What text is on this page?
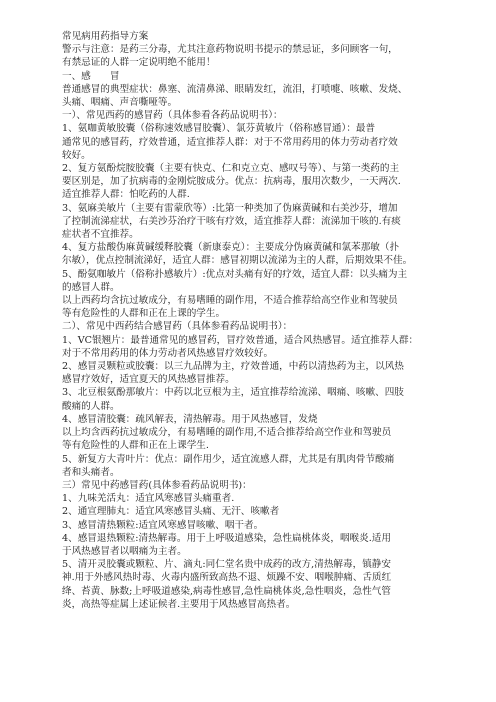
常见病用药指导方案
警示与注意：是药三分毒，尤其注意药物说明书提示的禁忌证，多问顾客一句，
有禁忌证的人群一定说明绝不能用！
一、感　　冒
普通感冒的典型症状：鼻塞、流清鼻涕、眼睛发红，流泪，打喷嚏、咳嗽、发烧、
头痛、咽痛、声音嘶哑等。
一）、常见西药的感冒药（具体参看各药品说明书）：
1、氨咖黄敏胶囊（俗称速效感冒胶囊）、氯芬黄敏片（俗称感冒通）：最普
通常见的感冒药，疗效普通，适宜推荐人群：对于不常用药用的体力劳动者疗效
较好。
2、复方氨酚烷胺胶囊（主要有快克、仁和克立克、感叹号等）、与第一类药的主
要区别是，加了抗病毒的金刚烷胺成分。优点：抗病毒，服用次数少，一天两次.
适宜推荐人群：怕吃药的人群.
3、氨麻美敏片（主要有雷蒙欣等）:比第一种类加了伪麻黄碱和右美沙芬，增加
了控制流涕症状，右美沙芬治疗干咳有疗效，适宜推荐人群：流涕加干咳的.有痰
症状者不宜推荐。
4、复方盐酸伪麻黄碱缓释胶囊（新康泰克）：主要成分伪麻黄碱和氯苯那敏（扑
尔敏），优点控制流涕好，适宜人群：感冒初期以流涕为主的人群，后期效果不佳。
5、酚氨咖敏片（俗称扑感敏片）:优点对头痛有好的疗效，适宜人群：以头痛为主
的感冒人群。
以上西药均含抗过敏成分，有易嗜睡的副作用，不适合推荐给高空作业和驾驶员
等有危险性的人群和正在上课的学生。
二）、常见中西药结合感冒药（具体参看药品说明书）：
1、VC银翘片：最普通常见的感冒药，冒疗效普通，适合风热感冒。适宜推荐人群：
对于不常用药用的体力劳动者风热感冒疗效较好。
2、感冒灵颗粒或胶囊：以三九品牌为主，疗效普通，中药以清热药为主，以风热
感冒疗效好，适宜夏天的风热感冒推荐。
3、北豆根氨酚那敏片：中药以北豆根为主，适宜推荐给流涕、咽痛、咳嗽、四肢
酸痛的人群。
4、感冒清胶囊：疏风解表，清热解毒。用于风热感冒，发烧
以上均含西药抗过敏成分，有易嗜睡的副作用,不适合推荐给高空作业和驾驶员
等有危险性的人群和正在上课学生.
5、新复方大青叶片：优点：副作用少，适宜流感人群，尤其是有肌肉骨节酸痛
者和头痛者。
三）常见中药感冒药(具体参看药品说明书)：
1、九味羌活丸：适宜风寒感冒头痛重者.
2、通宣理肺丸：适宜风寒感冒头痛、无汗、咳嗽者
3、感冒清热颗粒:适宜风寒感冒咳嗽、咽干者。
4、感冒退热颗粒:清热解毒。用于上呼吸道感染，急性扁桃体炎，咽喉炎.适用
于风热感冒者以咽痛为主者。
5、清开灵胶囊或颗粒、片、滴丸:同仁堂名贵中成药的改方,清热解毒，镇静安
神.用于外感风热时毒、火毒内盛所致高热不退、烦躁不安、咽喉肿痛、舌质红
绛、苔黄、脉数;上呼吸道感染,病毒性感冒,急性扁桃体炎,急性咽炎，急性气管
炎，高热等症属上述证候者.主要用于风热感冒高热者。
